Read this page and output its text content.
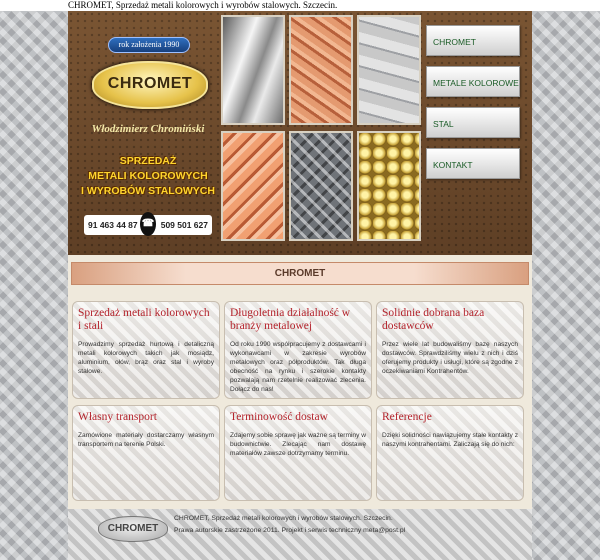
CHROMET, Sprzedaż metali kolorowych i wyrobów stalowych. Szczecin.
rok założenia 1990
CHROMET
Włodzimierz Chromiński
SPRZEDAŻ
METALI KOLOROWYCH
I WYROBÓW STALOWYCH
91 463 44 87 ☎ 509 501 627
CHROMET
METALE KOLOROWE
STAL
KONTAKT
CHROMET
Sprzedaż metali kolorowych i stali

Prowadzimy sprzedaż hurtową i detaliczną metali kolorowych takich jak mosiądz, aluminium, ołów, brąz oraz stal i wyroby stalowe.

Długoletnia działalność w branży metalowej

Od roku 1990 współpracujemy z dostawcami i wykonawcami w zakresie wyrobów metalowych oraz półproduktów. Tak długa obecność na rynku i szerokie kontakty pozwalają nam rzetelnie realizować zlecenia. Dołącz do nas!

Solidnie dobrana baza dostawców

Przez wiele lat budowaliśmy bazę naszych dostawców. Sprawdziliśmy wielu z nich i dziś oferujemy produkty i usługi, które są zgodne z oczekiwaniami Kontrahentów.

Własny transport

Zamówione materiały dostarczamy własnym transportem na terenie Polski.

Terminowość dostaw

Zdajemy sobie sprawę jak ważne są terminy w budownictwie. Zlecając nam dostawę materiałów zawsze dotrzymamy terminu.

Referencje

Dzięki solidności nawiązujemy stałe kontakty z naszymi kontrahentami. Zaliczają się do nich:

CHROMET
CHROMET, Sprzedaż metali kolorowych i wyrobów stalowych. Szczecin.
Prawa autorskie zastrzeżone 2011. Projekt i serwis techniczny meta@post.pl
